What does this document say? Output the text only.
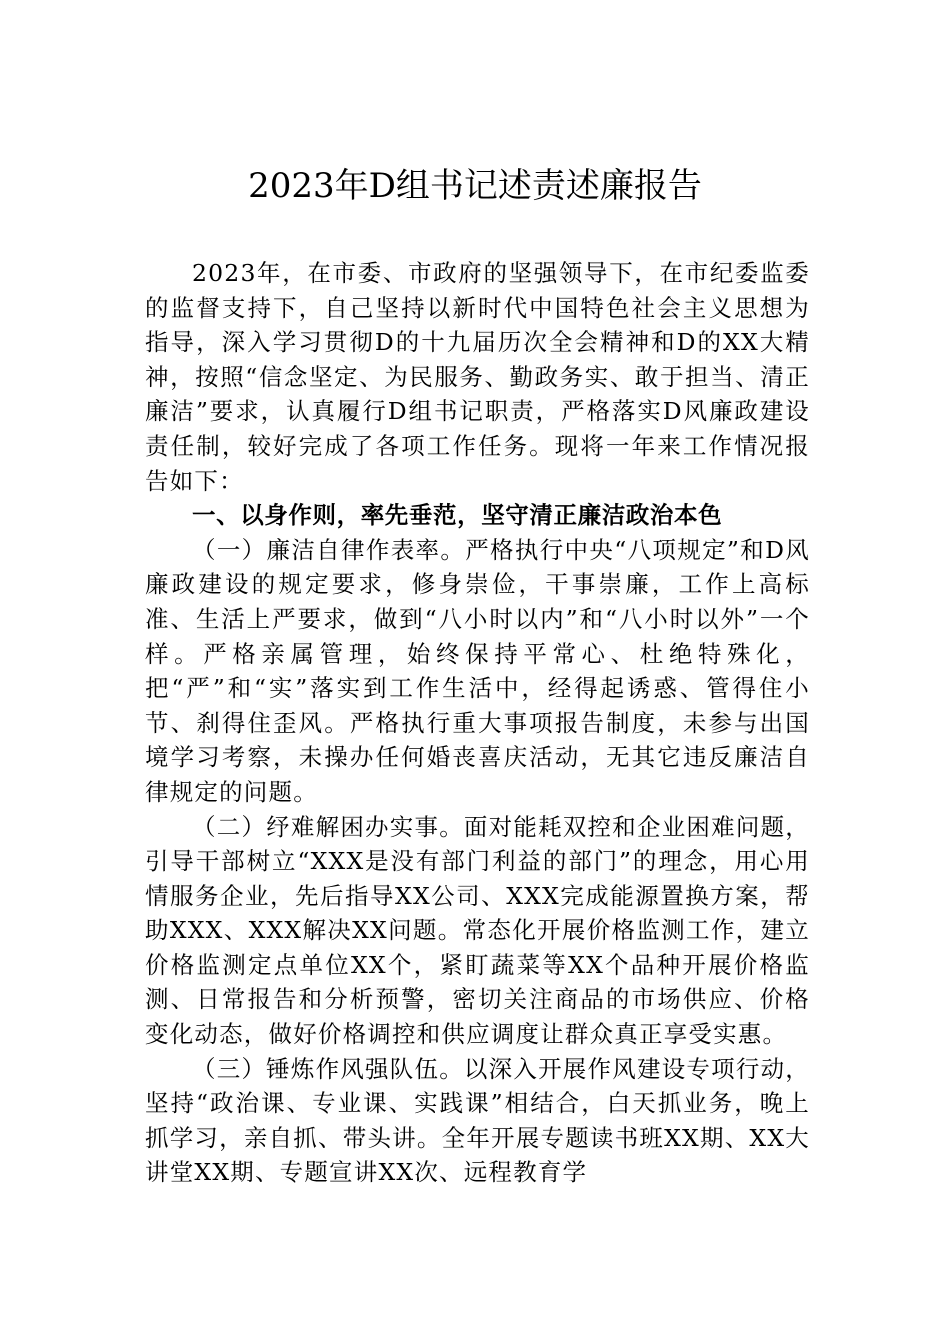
2023年D组书记述责述廉报告

2023年，在市委、市政府的坚强领导下，在市纪委监委的监督支持下，自己坚持以新时代中国特色社会主义思想为指导，深入学习贯彻D的十九届历次全会精神和D的XX大精神，按照“信念坚定、为民服务、勤政务实、敢于担当、清正廉洁”要求，认真履行D组书记职责，严格落实D风廉政建设责任制，较好完成了各项工作任务。现将一年来工作情况报告如下：

一、以身作则，率先垂范，坚守清正廉洁政治本色

（一）廉洁自律作表率。严格执行中央“八项规定”和D风廉政建设的规定要求，修身崇俭，干事崇廉，工作上高标准、生活上严要求，做到“八小时以内”和“八小时以外”一个样。严格亲属管理，始终保持平常心、杜绝特殊化，把“严”和“实”落实到工作生活中，经得起诱惑、管得住小节、刹得住歪风。严格执行重大事项报告制度，未参与出国境学习考察，未操办任何婚丧喜庆活动，无其它违反廉洁自律规定的问题。

（二）纾难解困办实事。面对能耗双控和企业困难问题，引导干部树立“XXX是没有部门利益的部门”的理念，用心用情服务企业，先后指导XX公司、XXX完成能源置换方案，帮助XXX、XXX解决XX问题。常态化开展价格监测工作，建立价格监测定点单位XX个，紧盯蔬菜等XX个品种开展价格监测、日常报告和分析预警，密切关注商品的市场供应、价格变化动态，做好价格调控和供应调度让群众真正享受实惠。

（三）锤炼作风强队伍。以深入开展作风建设专项行动，坚持“政治课、专业课、实践课”相结合，白天抓业务，晚上抓学习，亲自抓、带头讲。全年开展专题读书班XX期、XX大讲堂XX期、专题宣讲XX次、远程教育学
